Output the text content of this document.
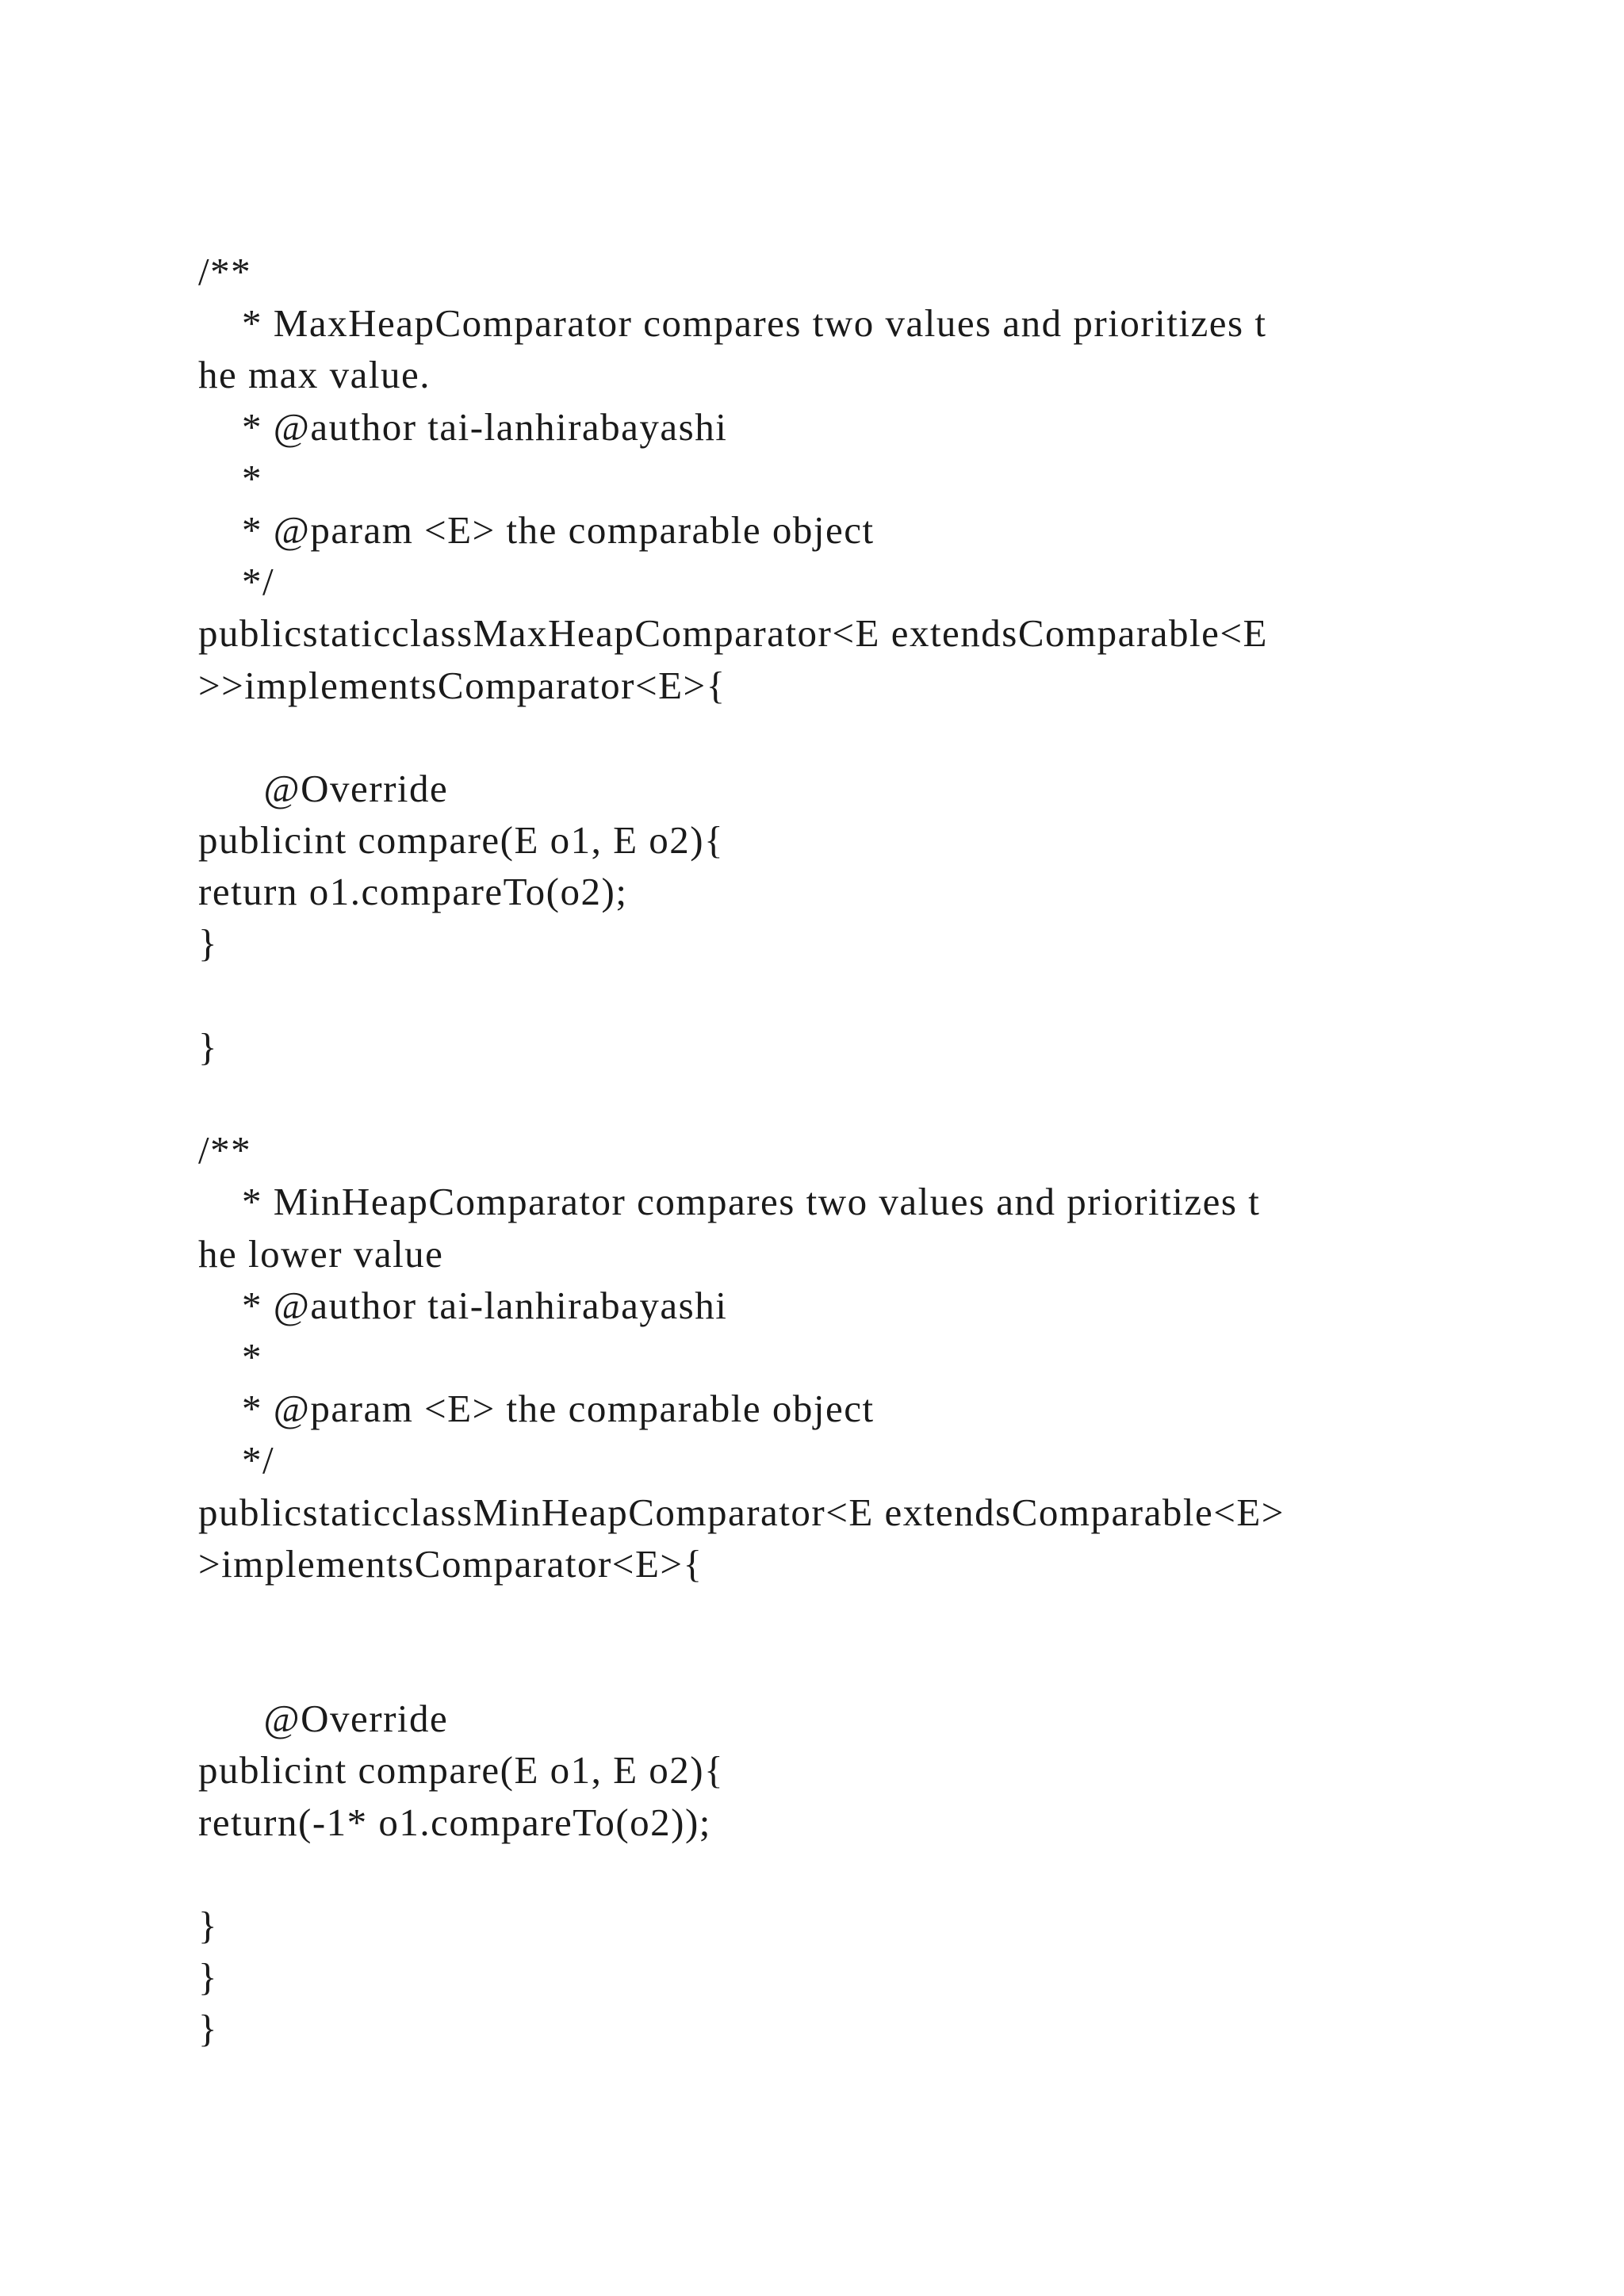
/**
* MaxHeapComparator compares two values and prioritizes t
he max value.
* @author tai-lanhirabayashi
*
* @param <E> the comparable object
*/
publicstaticclassMaxHeapComparator<E extendsComparable<E
>>implementsComparator<E>{
@Override
publicint compare(E o1, E o2){
return o1.compareTo(o2);
}
}
/**
* MinHeapComparator compares two values and prioritizes t
he lower value
* @author tai-lanhirabayashi
*
* @param <E> the comparable object
*/
publicstaticclassMinHeapComparator<E extendsComparable<E>
>implementsComparator<E>{
@Override
publicint compare(E o1, E o2){
return(-1* o1.compareTo(o2));
}
}
}
